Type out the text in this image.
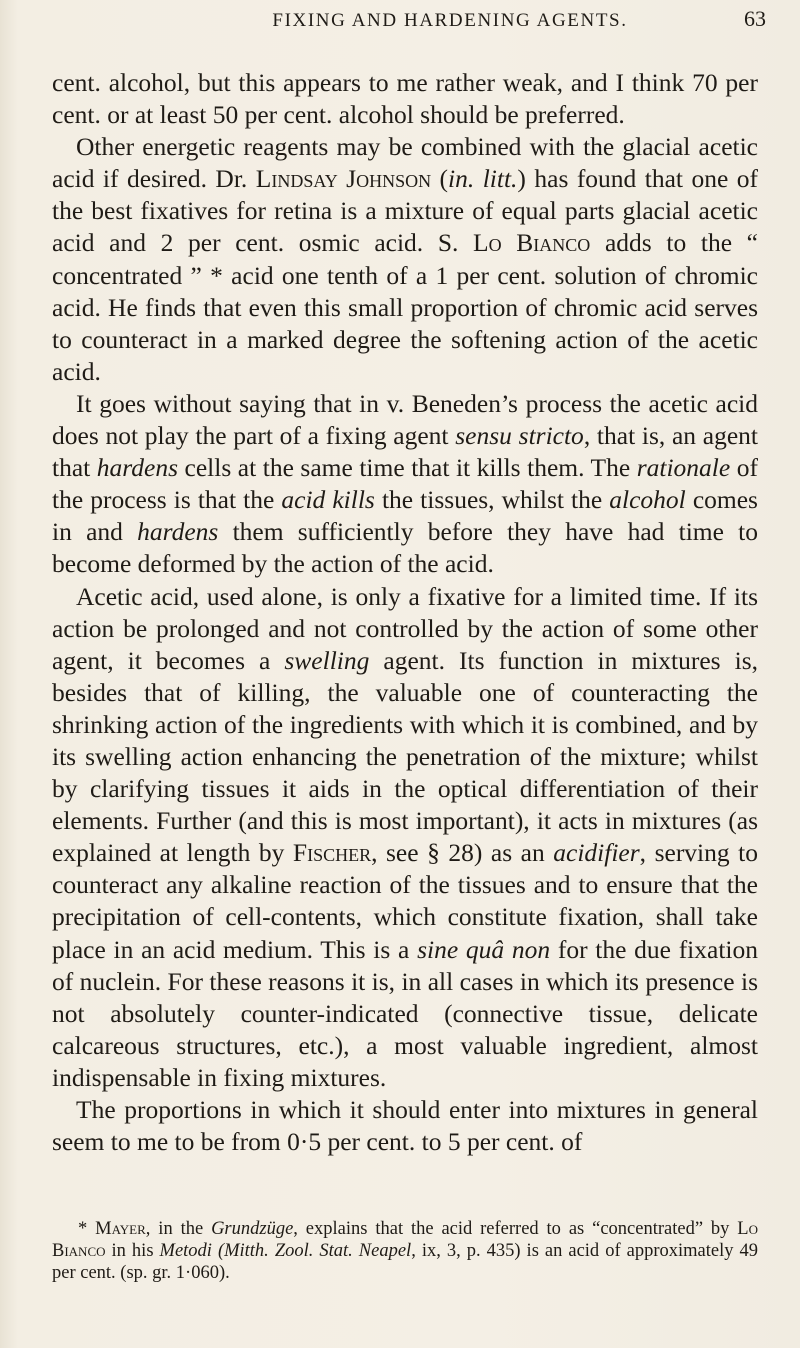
FIXING AND HARDENING AGENTS.	63

cent. alcohol, but this appears to me rather weak, and I think 70 per cent. or at least 50 per cent. alcohol should be preferred.

Other energetic reagents may be combined with the glacial acetic acid if desired. Dr. Lindsay Johnson (in. litt.) has found that one of the best fixatives for retina is a mixture of equal parts glacial acetic acid and 2 per cent. osmic acid. S. Lo Bianco adds to the “ concentrated ” * acid one tenth of a 1 per cent. solution of chromic acid. He finds that even this small proportion of chromic acid serves to counteract in a marked degree the softening action of the acetic acid.

It goes without saying that in v. Beneden’s process the acetic acid does not play the part of a fixing agent sensu stricto, that is, an agent that hardens cells at the same time that it kills them. The rationale of the process is that the acid kills the tissues, whilst the alcohol comes in and hardens them sufficiently before they have had time to become deformed by the action of the acid.

Acetic acid, used alone, is only a fixative for a limited time. If its action be prolonged and not controlled by the action of some other agent, it becomes a swelling agent. Its function in mixtures is, besides that of killing, the valuable one of counteracting the shrinking action of the ingredients with which it is combined, and by its swelling action enhancing the penetration of the mixture; whilst by clarifying tissues it aids in the optical differentiation of their elements. Further (and this is most important), it acts in mixtures (as explained at length by Fischer, see § 28) as an acidifier, serving to counteract any alkaline reaction of the tissues and to ensure that the precipitation of cell-contents, which constitute fixation, shall take place in an acid medium. This is a sine quâ non for the due fixation of nuclein. For these reasons it is, in all cases in which its presence is not absolutely counter-indicated (connective tissue, delicate calcareous structures, etc.), a most valuable ingredient, almost indispensable in fixing mixtures.

The proportions in which it should enter into mixtures in general seem to me to be from 0·5 per cent. to 5 per cent. of

* Mayer, in the Grundzüge, explains that the acid referred to as “concentrated” by Lo Bianco in his Metodi (Mitth. Zool. Stat. Neapel, ix, 3, p. 435) is an acid of approximately 49 per cent. (sp. gr. 1·060).
